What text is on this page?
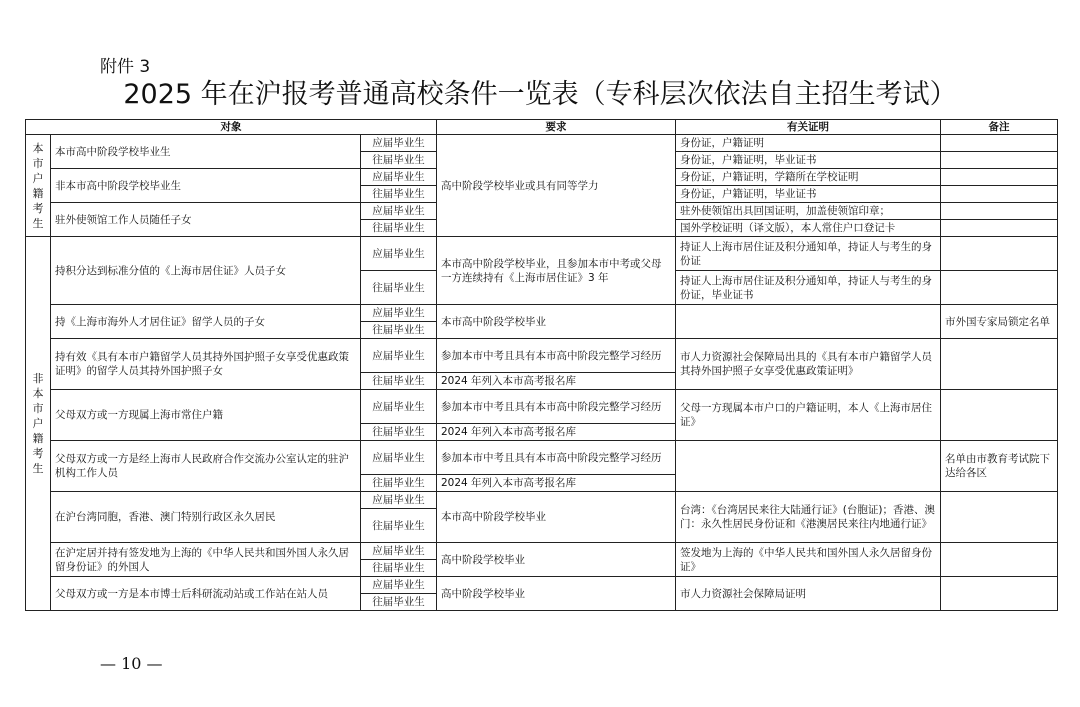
附件 3
2025 年在沪报考普通高校条件一览表（专科层次依法自主招生考试）
对象			要求	有关证明	备注

本市户籍考生	本市高中阶段学校毕业生	应届毕业生	高中阶段学校毕业或具有同等学力	身份证，户籍证明	
		往届毕业生		身份证，户籍证明，毕业证书	
	非本市高中阶段学校毕业生	应届毕业生		身份证，户籍证明，学籍所在学校证明	
		往届毕业生		身份证，户籍证明，毕业证书	
	驻外使领馆工作人员随任子女	应届毕业生		驻外使领馆出具回国证明，加盖使领馆印章；	
		往届毕业生		国外学校证明（译文版），本人常住户口登记卡	

非本市户籍考生	持积分达到标准分值的《上海市居住证》人员子女	应届毕业生	本市高中阶段学校毕业，且参加本市中考或父母一方连续持有《上海市居住证》3 年	持证人上海市居住证及积分通知单，持证人与考生的身份证	
		往届毕业生		持证人上海市居住证及积分通知单，持证人与考生的身份证，毕业证书	
	持《上海市海外人才居住证》留学人员的子女	应届毕业生	本市高中阶段学校毕业		市外国专家局锁定名单
		往届毕业生			
	持有效《具有本市户籍留学人员其持外国护照子女享受优惠政策证明》的留学人员其持外国护照子女	应届毕业生	参加本市中考且具有本市高中阶段完整学习经历	市人力资源社会保障局出具的《具有本市户籍留学人员其持外国护照子女享受优惠政策证明》	
		往届毕业生	2024 年列入本市高考报名库		
	父母双方或一方现属上海市常住户籍	应届毕业生	参加本市中考且具有本市高中阶段完整学习经历	父母一方现属本市户口的户籍证明，本人《上海市居住证》	
		往届毕业生	2024 年列入本市高考报名库		
	父母双方或一方是经上海市人民政府合作交流办公室认定的驻沪机构工作人员	应届毕业生	参加本市中考且具有本市高中阶段完整学习经历		名单由市教育考试院下达给各区
		往届毕业生	2024 年列入本市高考报名库		
	在沪台湾同胞，香港、澳门特别行政区永久居民	应届毕业生	本市高中阶段学校毕业	台湾：《台湾居民来往大陆通行证》(台胞证)；香港、澳门：永久性居民身份证和《港澳居民来往内地通行证》	
		往届毕业生			
	在沪定居并持有签发地为上海的《中华人民共和国外国人永久居留身份证》的外国人	应届毕业生	高中阶段学校毕业	签发地为上海的《中华人民共和国外国人永久居留身份证》	
		往届毕业生			
	父母双方或一方是本市博士后科研流动站或工作站在站人员	应届毕业生	高中阶段学校毕业	市人力资源社会保障局证明	
		往届毕业生			
— 10 —
